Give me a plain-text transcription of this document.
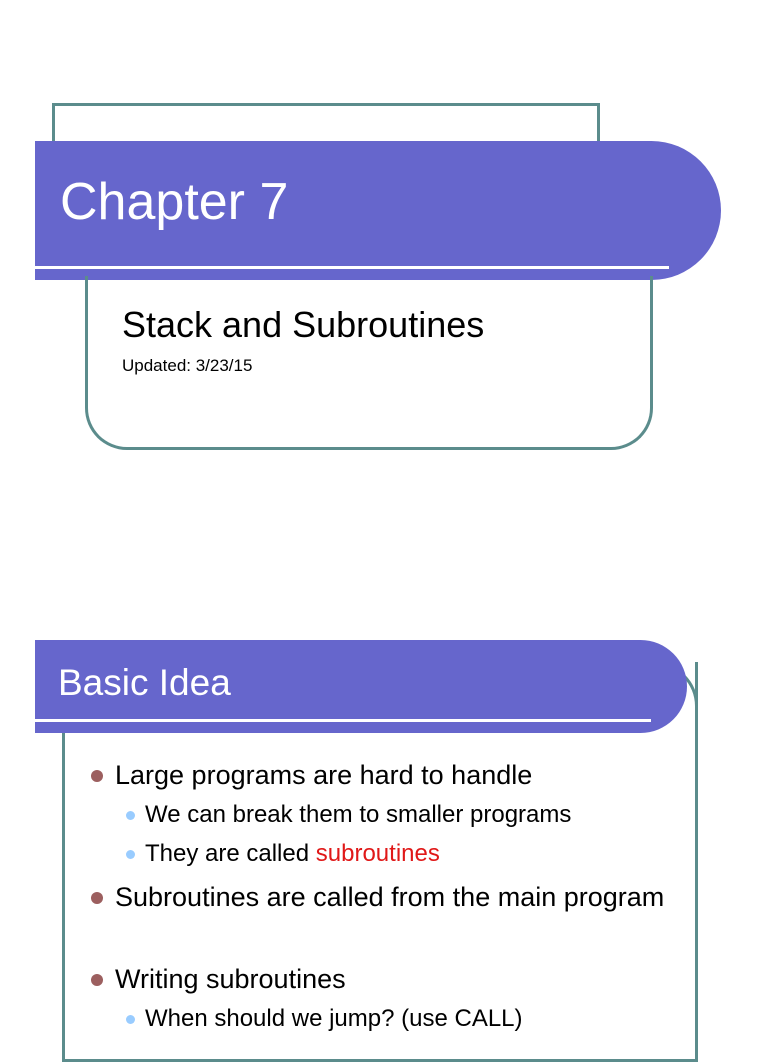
Chapter 7
Stack and Subroutines

Updated: 3/23/15

Basic Idea
Large programs are hard to handle
We can break them to smaller programs
They are called subroutines
Subroutines are called from the main program
Writing subroutines
When should we jump? (use CALL)
